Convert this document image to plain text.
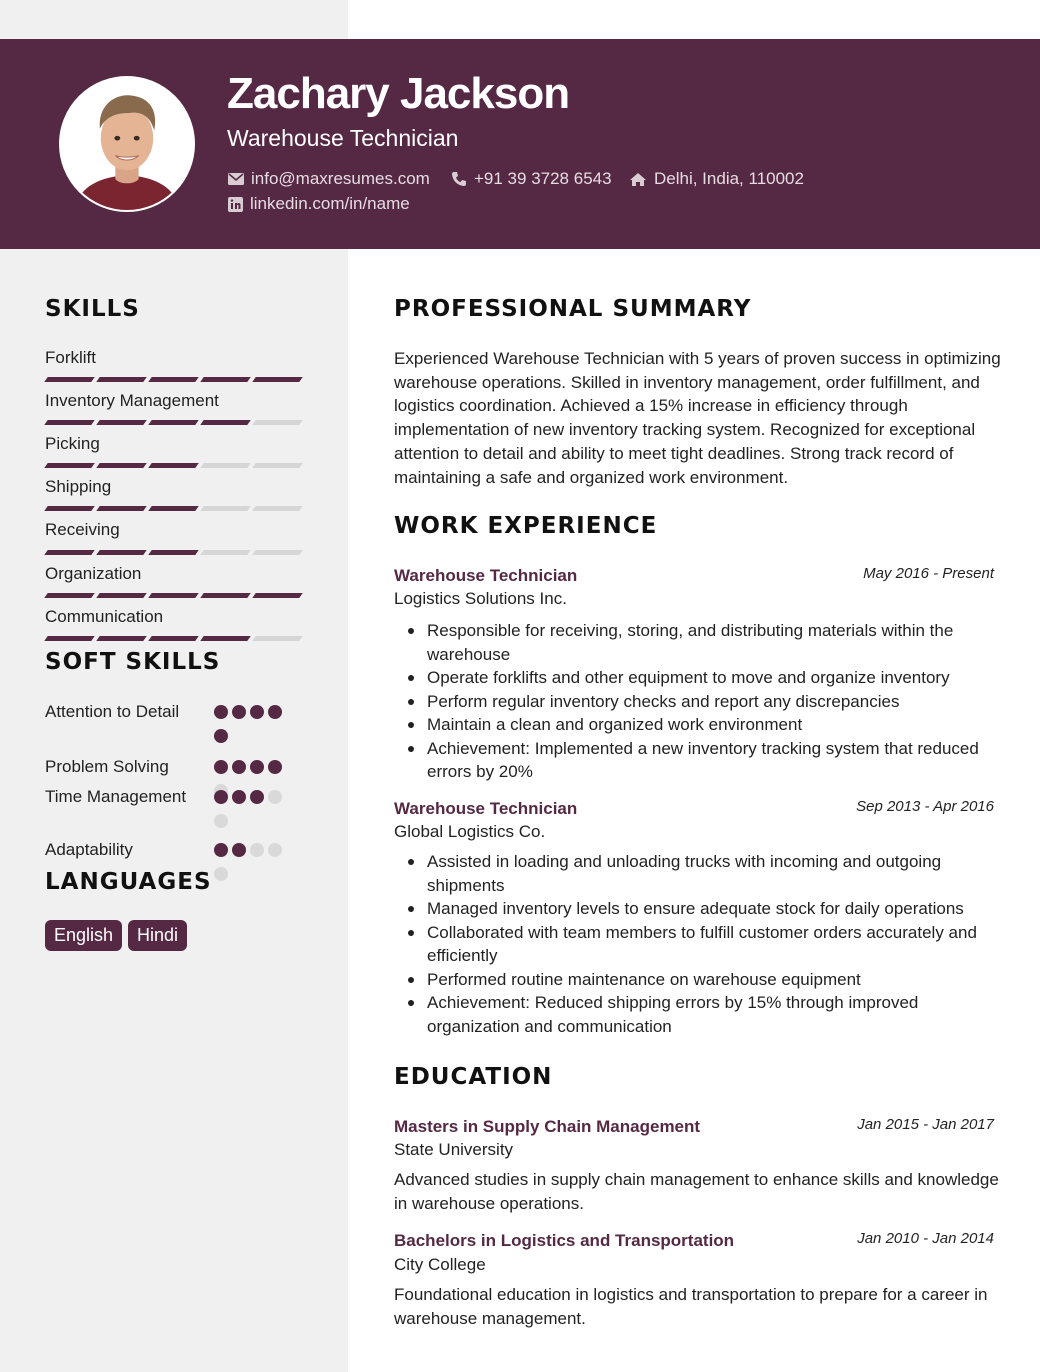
Zachary Jackson
Warehouse Technician
info@maxresumes.com	+91 39 3728 6543 Delhi, India, 110002
linkedin.com/in/name
SKILLS
Forklift
Inventory Management
Picking
Shipping
Receiving
Organization
Communication
SOFT SKILLS
Attention to Detail
Problem Solving
Time Management
Adaptability
LANGUAGES
English	Hindi
PROFESSIONAL SUMMARY
Experienced Warehouse Technician with 5 years of proven success in optimizing warehouse operations. Skilled in inventory management, order fulfillment, and logistics coordination. Achieved a 15% increase in efficiency through implementation of new inventory tracking system. Recognized for exceptional attention to detail and ability to meet tight deadlines. Strong track record of maintaining a safe and organized work environment.
WORK EXPERIENCE
Warehouse Technician	May 2016 - Present
Logistics Solutions Inc.
Responsible for receiving, storing, and distributing materials within the warehouse
Operate forklifts and other equipment to move and organize inventory
Perform regular inventory checks and report any discrepancies
Maintain a clean and organized work environment
Achievement: Implemented a new inventory tracking system that reduced errors by 20%
Warehouse Technician	Sep 2013 - Apr 2016
Global Logistics Co.
Assisted in loading and unloading trucks with incoming and outgoing shipments
Managed inventory levels to ensure adequate stock for daily operations
Collaborated with team members to fulfill customer orders accurately and efficiently
Performed routine maintenance on warehouse equipment
Achievement: Reduced shipping errors by 15% through improved organization and communication
EDUCATION
Masters in Supply Chain Management	Jan 2015 - Jan 2017
State University
Advanced studies in supply chain management to enhance skills and knowledge in warehouse operations.
Bachelors in Logistics and Transportation	Jan 2010 - Jan 2014
City College
Foundational education in logistics and transportation to prepare for a career in warehouse management.
